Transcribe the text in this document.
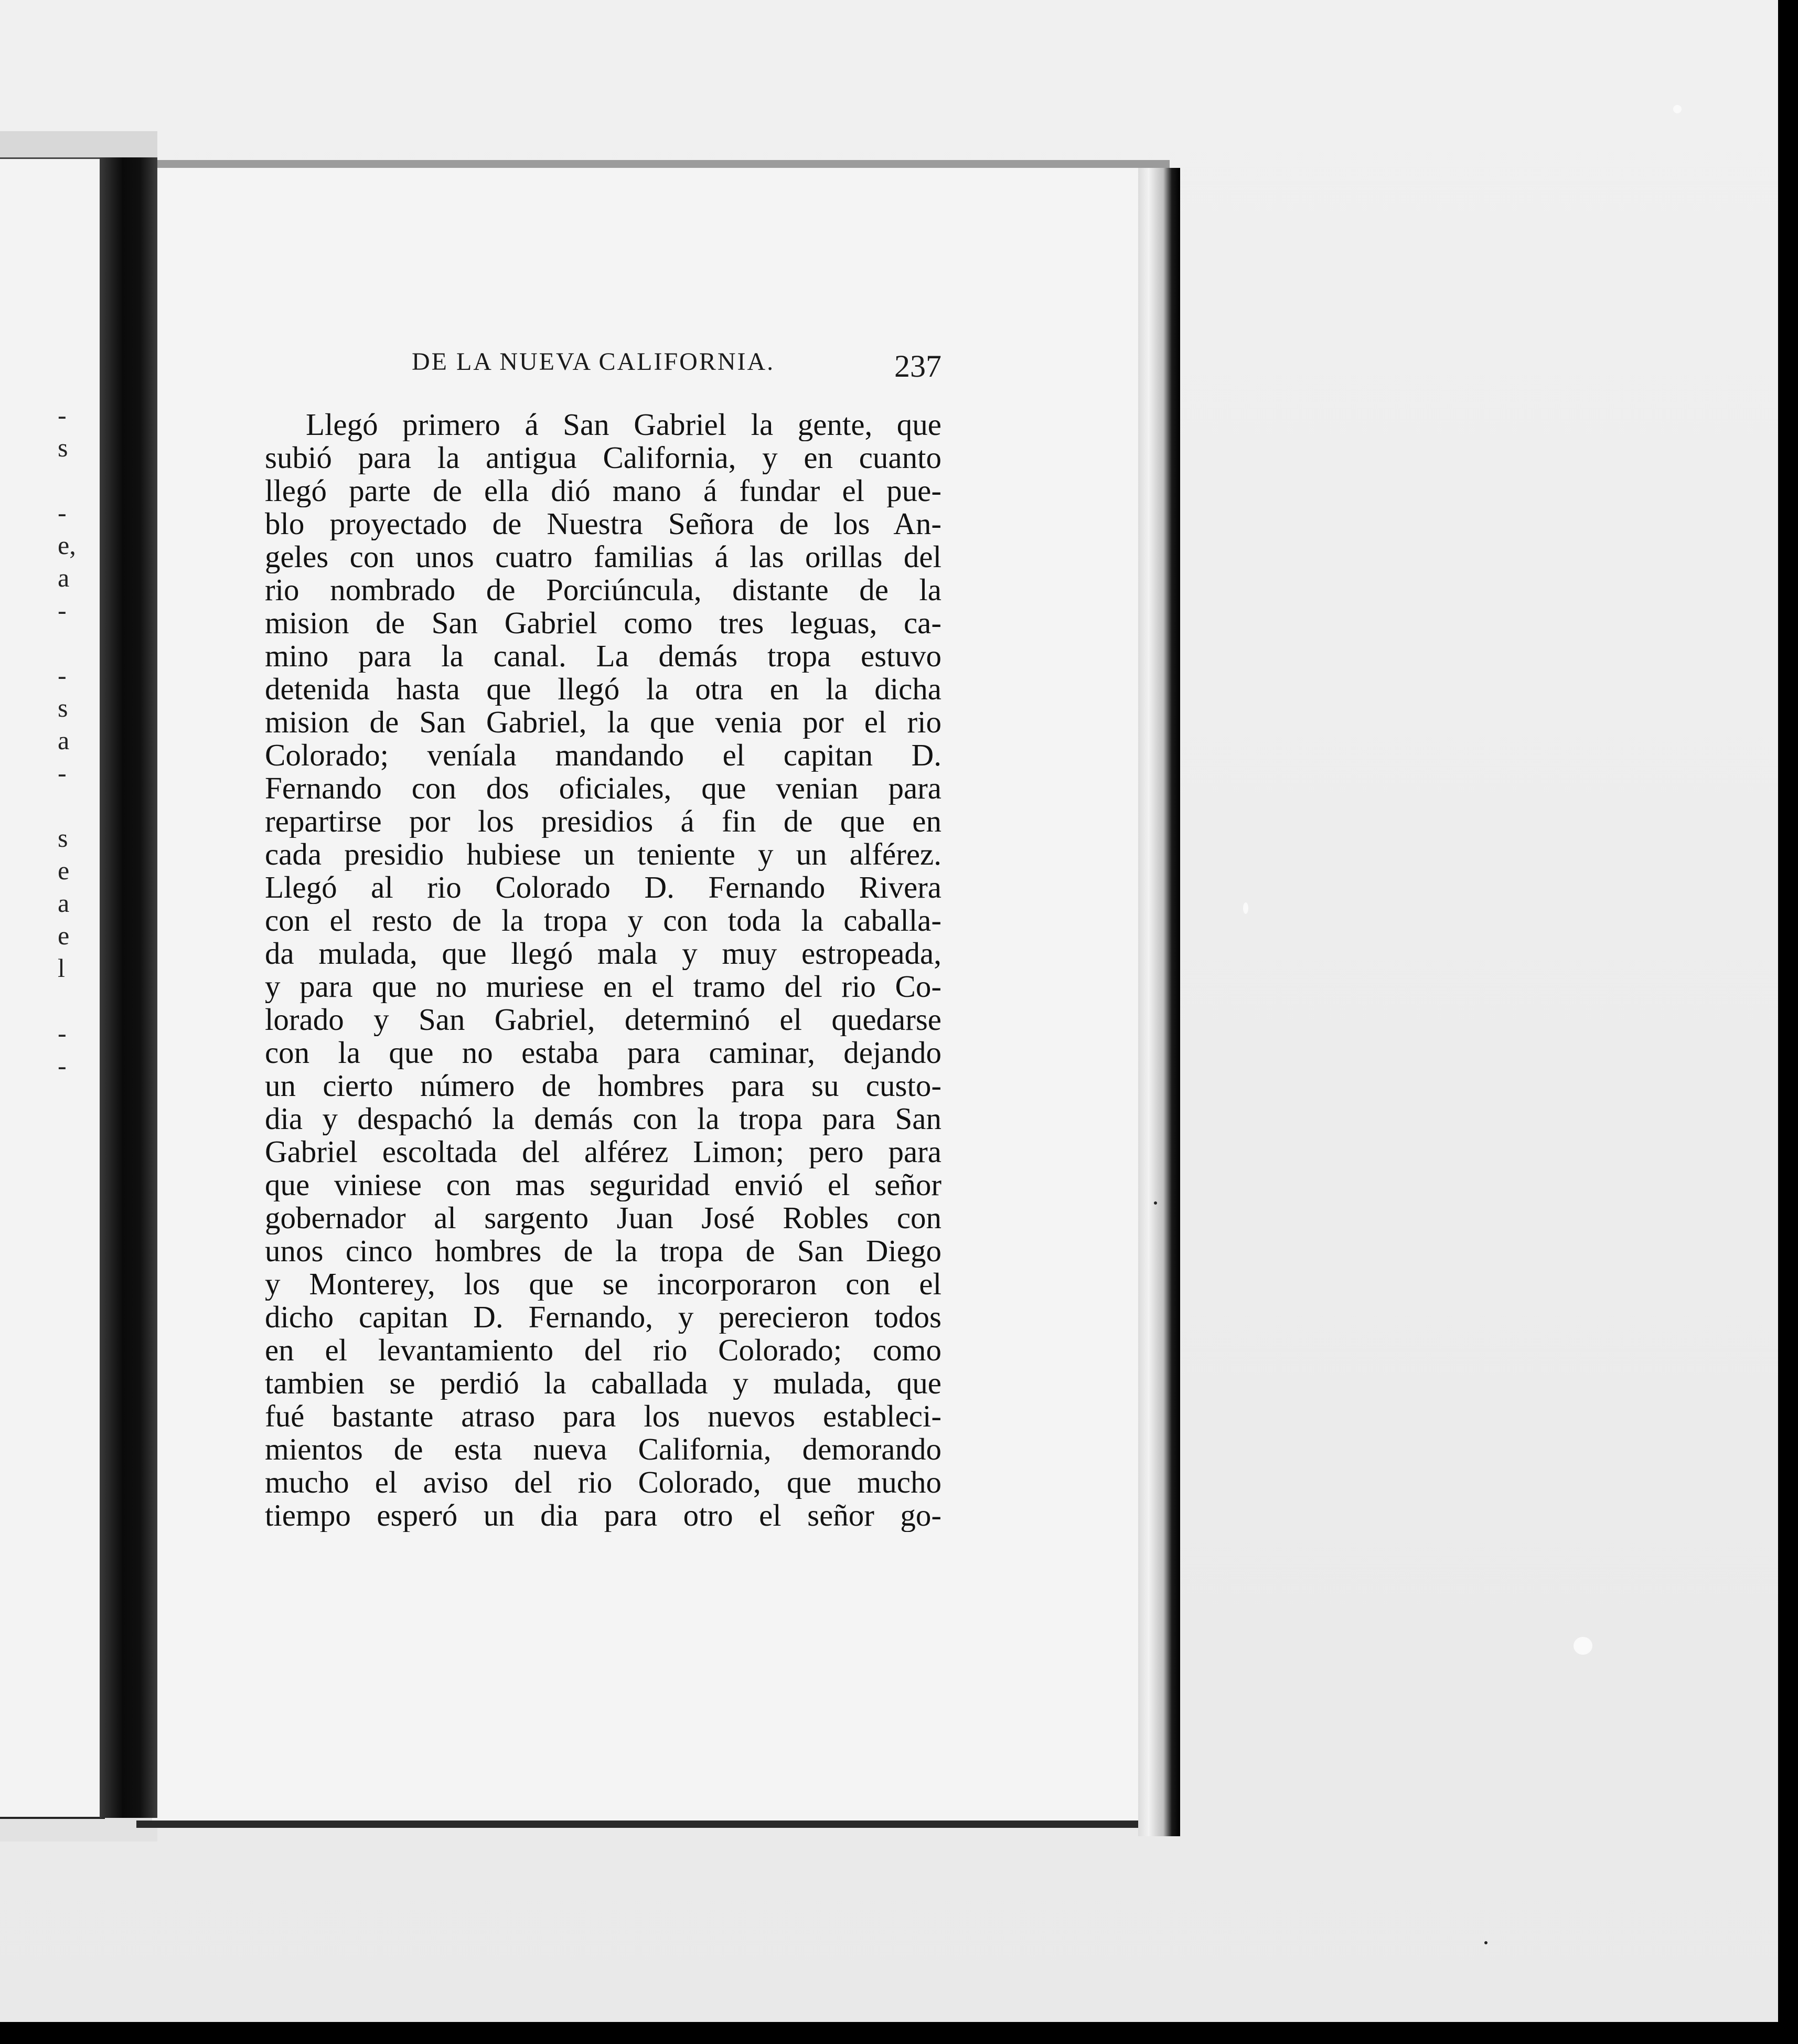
-
s
-
e,
a
-
-
s
a
-
s
e
a
e
l
-
-
DE LA NUEVA CALIFORNIA.	237
Llegó primero á San Gabriel la gente, que
subió para la antigua California, y en cuanto
llegó parte de ella dió mano á fundar el pue-
blo proyectado de Nuestra Señora de los An-
geles con unos cuatro familias á las orillas del
rio nombrado de Porciúncula, distante de la
mision de San Gabriel como tres leguas, ca-
mino para la canal. La demás tropa estuvo
detenida hasta que llegó la otra en la dicha
mision de San Gabriel, la que venia por el rio
Colorado; veníala mandando el capitan D.
Fernando con dos oficiales, que venian para
repartirse por los presidios á fin de que en
cada presidio hubiese un teniente y un alférez.
Llegó al rio Colorado D. Fernando Rivera
con el resto de la tropa y con toda la caballa-
da mulada, que llegó mala y muy estropeada,
y para que no muriese en el tramo del rio Co-
lorado y San Gabriel, determinó el quedarse
con la que no estaba para caminar, dejando
un cierto número de hombres para su custo-
dia y despachó la demás con la tropa para San
Gabriel escoltada del alférez Limon; pero para
que viniese con mas seguridad envió el señor
gobernador al sargento Juan José Robles con
unos cinco hombres de la tropa de San Diego
y Monterey, los que se incorporaron con el
dicho capitan D. Fernando, y perecieron todos
en el levantamiento del rio Colorado; como
tambien se perdió la caballada y mulada, que
fué bastante atraso para los nuevos estableci-
mientos de esta nueva California, demorando
mucho el aviso del rio Colorado, que mucho
tiempo esperó un dia para otro el señor go-
